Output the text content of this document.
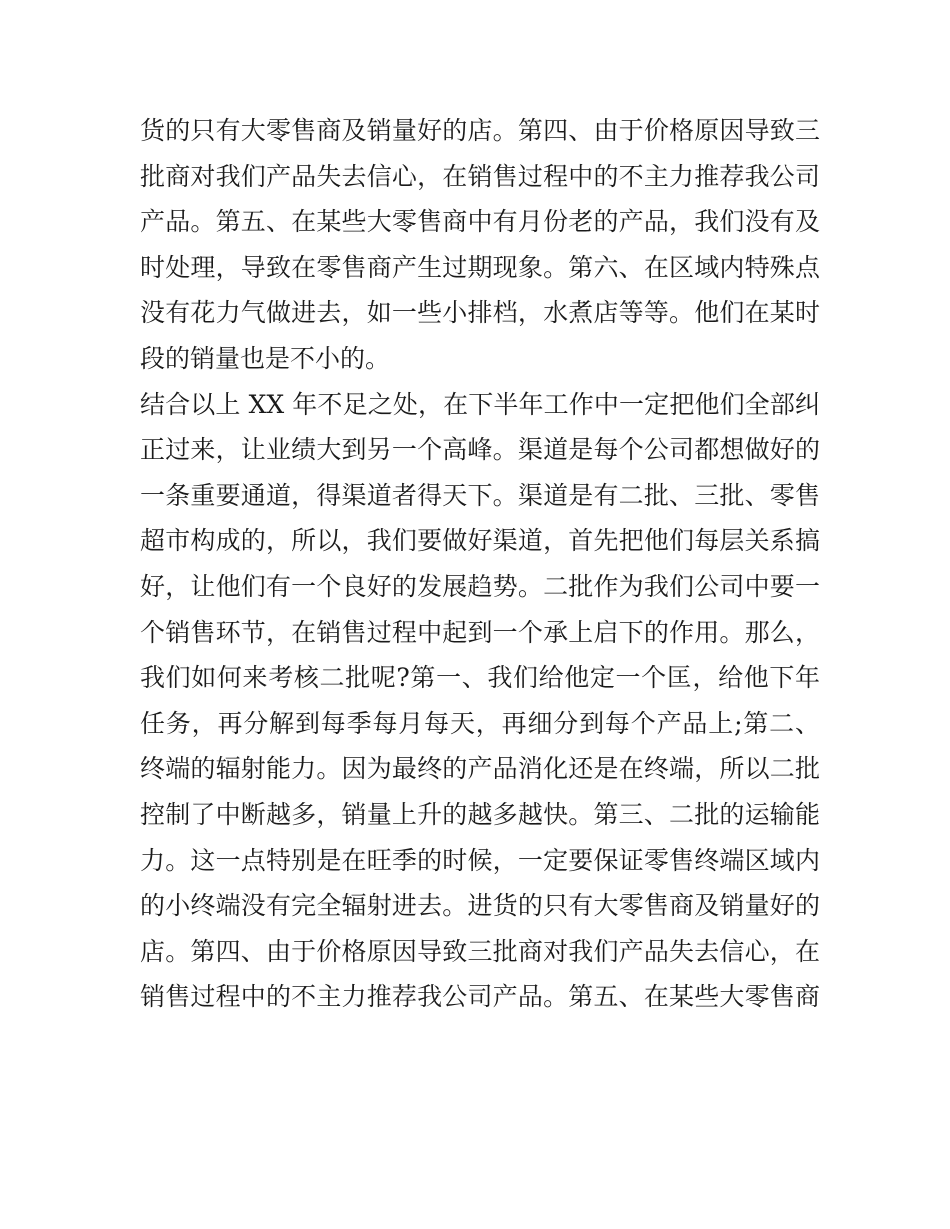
货的只有大零售商及销量好的店。第四、由于价格原因导致三
批商对我们产品失去信心，在销售过程中的不主力推荐我公司
产品。第五、在某些大零售商中有月份老的产品，我们没有及
时处理，导致在零售商产生过期现象。第六、在区域内特殊点
没有花力气做进去，如一些小排档，水煮店等等。他们在某时
段的销量也是不小的。
结合以上 XX 年不足之处，在下半年工作中一定把他们全部纠
正过来，让业绩大到另一个高峰。渠道是每个公司都想做好的
一条重要通道，得渠道者得天下。渠道是有二批、三批、零售
超市构成的，所以，我们要做好渠道，首先把他们每层关系搞
好，让他们有一个良好的发展趋势。二批作为我们公司中要一
个销售环节，在销售过程中起到一个承上启下的作用。那么，
我们如何来考核二批呢?第一、我们给他定一个匡，给他下年
任务，再分解到每季每月每天，再细分到每个产品上;第二、
终端的辐射能力。因为最终的产品消化还是在终端，所以二批
控制了中断越多，销量上升的越多越快。第三、二批的运输能
力。这一点特别是在旺季的时候，一定要保证零售终端区域内
的小终端没有完全辐射进去。进货的只有大零售商及销量好的
店。第四、由于价格原因导致三批商对我们产品失去信心，在
销售过程中的不主力推荐我公司产品。第五、在某些大零售商
